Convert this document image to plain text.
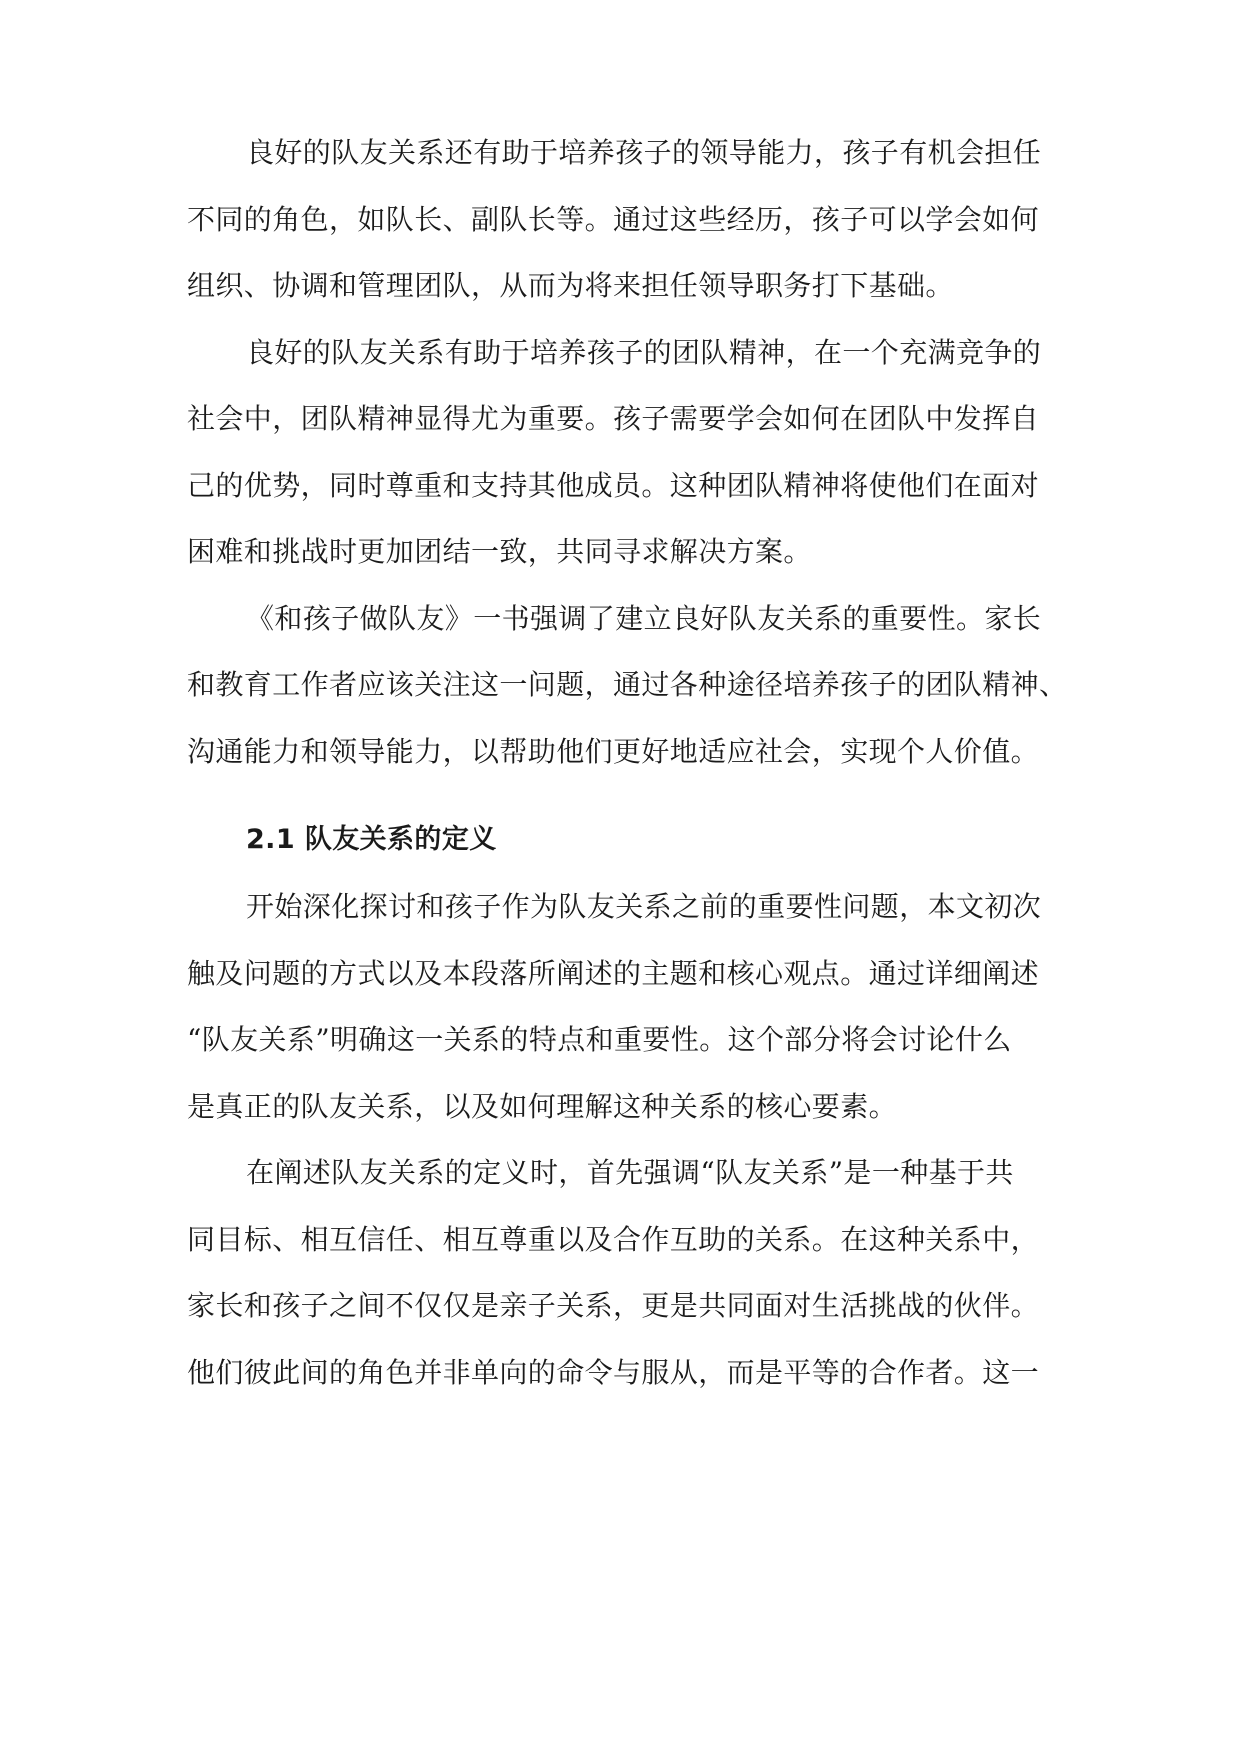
良好的队友关系还有助于培养孩子的领导能力，孩子有机会担任
不同的角色，如队长、副队长等。通过这些经历，孩子可以学会如何
组织、协调和管理团队，从而为将来担任领导职务打下基础。
良好的队友关系有助于培养孩子的团队精神，在一个充满竞争的
社会中，团队精神显得尤为重要。孩子需要学会如何在团队中发挥自
己的优势，同时尊重和支持其他成员。这种团队精神将使他们在面对
困难和挑战时更加团结一致，共同寻求解决方案。
《和孩子做队友》一书强调了建立良好队友关系的重要性。家长
和教育工作者应该关注这一问题，通过各种途径培养孩子的团队精神、
沟通能力和领导能力，以帮助他们更好地适应社会，实现个人价值。
2.1 队友关系的定义
开始深化探讨和孩子作为队友关系之前的重要性问题，本文初次
触及问题的方式以及本段落所阐述的主题和核心观点。通过详细阐述
“队友关系”明确这一关系的特点和重要性。这个部分将会讨论什么
是真正的队友关系，以及如何理解这种关系的核心要素。
在阐述队友关系的定义时，首先强调“队友关系”是一种基于共
同目标、相互信任、相互尊重以及合作互助的关系。在这种关系中，
家长和孩子之间不仅仅是亲子关系，更是共同面对生活挑战的伙伴。
他们彼此间的角色并非单向的命令与服从，而是平等的合作者。这一
